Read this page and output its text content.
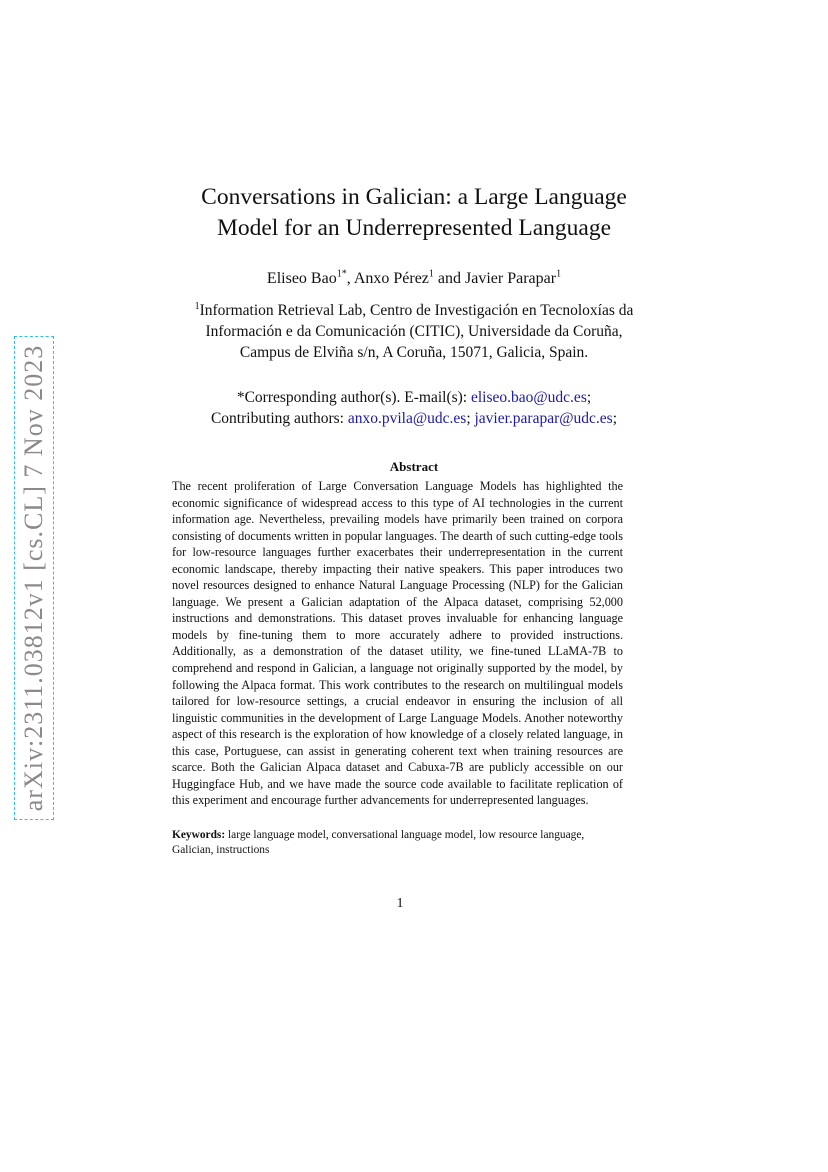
arXiv:2311.03812v1 [cs.CL] 7 Nov 2023
Conversations in Galician: a Large Language
Model for an Underrepresented Language
Eliseo Bao$^{1*}$, Anxo Pérez$^1$ and Javier Parapar$^1$
$^1$Information Retrieval Lab, Centro de Investigación en Tecnoloxías da
Información e da Comunicación (CITIC), Universidade da Coruña,
Campus de Elviña s/n, A Coruña, 15071, Galicia, Spain.
*Corresponding author(s). E-mail(s): eliseo.bao@udc.es;
Contributing authors: anxo.pvila@udc.es; javier.parapar@udc.es;
Abstract
The recent proliferation of Large Conversation Language Models has highlighted the economic significance of widespread access to this type of AI technologies in the current information age. Nevertheless, prevailing models have primarily been trained on corpora consisting of documents written in popular languages. The dearth of such cutting-edge tools for low-resource languages further exacerbates their underrepresentation in the current economic landscape, thereby impacting their native speakers. This paper introduces two novel resources designed to enhance Natural Language Processing (NLP) for the Galician language. We present a Galician adaptation of the Alpaca dataset, comprising 52,000 instructions and demonstrations. This dataset proves invaluable for enhancing language models by fine-tuning them to more accurately adhere to provided instructions. Additionally, as a demonstration of the dataset utility, we fine-tuned LLaMA-7B to comprehend and respond in Galician, a language not originally supported by the model, by following the Alpaca format. This work contributes to the research on multilingual models tailored for low-resource settings, a crucial endeavor in ensuring the inclusion of all linguistic communities in the development of Large Language Models. Another noteworthy aspect of this research is the exploration of how knowledge of a closely related language, in this case, Portuguese, can assist in generating coherent text when training resources are scarce. Both the Galician Alpaca dataset and Cabuxa-7B are publicly accessible on our Huggingface Hub, and we have made the source code available to facilitate replication of this experiment and encourage further advancements for underrepresented languages.
Keywords: large language model, conversational language model, low resource language, Galician, instructions
1
